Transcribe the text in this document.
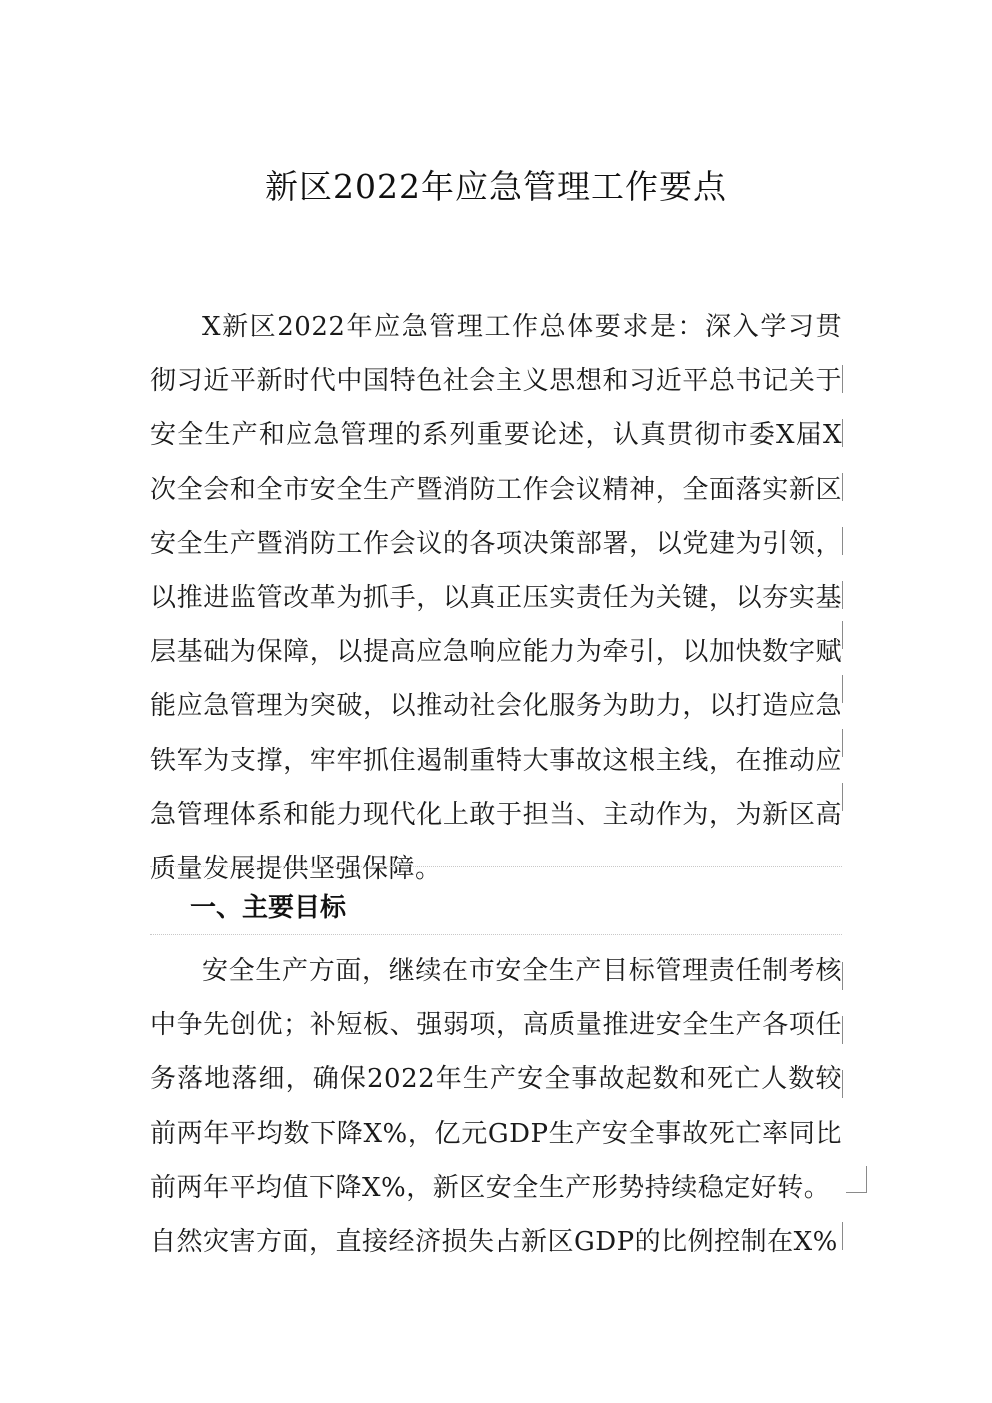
新区2022年应急管理工作要点

X新区2022年应急管理工作总体要求是：深入学习贯彻习近平新时代中国特色社会主义思想和习近平总书记关于安全生产和应急管理的系列重要论述，认真贯彻市委X届X次全会和全市安全生产暨消防工作会议精神，全面落实新区安全生产暨消防工作会议的各项决策部署，以党建为引领，以推进监管改革为抓手，以真正压实责任为关键，以夯实基层基础为保障，以提高应急响应能力为牵引，以加快数字赋能应急管理为突破，以推动社会化服务为助力，以打造应急铁军为支撑，牢牢抓住遏制重特大事故这根主线，在推动应急管理体系和能力现代化上敢于担当、主动作为，为新区高质量发展提供坚强保障。

一、主要目标

安全生产方面，继续在市安全生产目标管理责任制考核中争先创优；补短板、强弱项，高质量推进安全生产各项任务落地落细，确保2022年生产安全事故起数和死亡人数较前两年平均数下降X%，亿元GDP生产安全事故死亡率同比前两年平均值下降X%，新区安全生产形势持续稳定好转。

自然灾害方面，直接经济损失占新区GDP的比例控制在X%
